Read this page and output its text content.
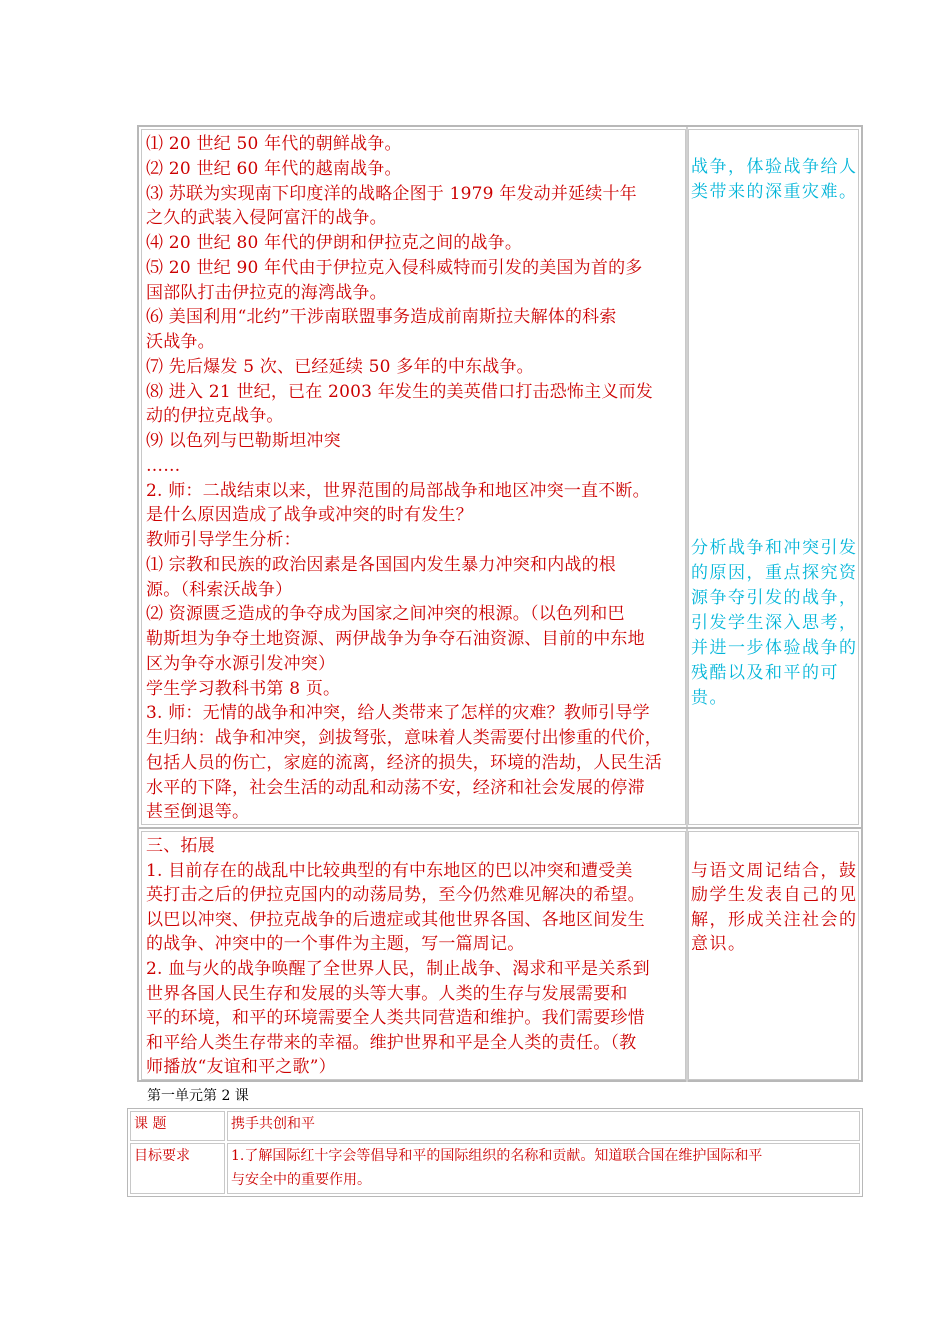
⑴ 20 世纪 50 年代的朝鲜战争。
⑵ 20 世纪 60 年代的越南战争。
⑶ 苏联为实现南下印度洋的战略企图于 1979 年发动并延续十年
之久的武装入侵阿富汗的战争。
⑷ 20 世纪 80 年代的伊朗和伊拉克之间的战争。
⑸ 20 世纪 90 年代由于伊拉克入侵科威特而引发的美国为首的多
国部队打击伊拉克的海湾战争。
⑹ 美国利用“北约”干涉南联盟事务造成前南斯拉夫解体的科索
沃战争。
⑺ 先后爆发 5 次、已经延续 50 多年的中东战争。
⑻ 进入 21 世纪，已在 2003 年发生的美英借口打击恐怖主义而发
动的伊拉克战争。
⑼ 以色列与巴勒斯坦冲突
……
2. 师：二战结束以来，世界范围的局部战争和地区冲突一直不断。
是什么原因造成了战争或冲突的时有发生？
教师引导学生分析：
⑴ 宗教和民族的政治因素是各国国内发生暴力冲突和内战的根
源。（科索沃战争）
⑵ 资源匮乏造成的争夺成为国家之间冲突的根源。（以色列和巴
勒斯坦为争夺土地资源、两伊战争为争夺石油资源、目前的中东地
区为争夺水源引发冲突）
学生学习教科书第 8 页。
3. 师：无情的战争和冲突，给人类带来了怎样的灾难？教师引导学
生归纳：战争和冲突，剑拔弩张，意味着人类需要付出惨重的代价，
包括人员的伤亡，家庭的流离，经济的损失，环境的浩劫，人民生活
水平的下降，社会生活的动乱和动荡不安，经济和社会发展的停滞
甚至倒退等。
战争，体验战争给人
类带来的深重灾难。
分析战争和冲突引发
的原因，重点探究资
源争夺引发的战争，
引发学生深入思考，
并进一步体验战争的
残酷以及和平的可
贵。
三、拓展
1. 目前存在的战乱中比较典型的有中东地区的巴以冲突和遭受美
英打击之后的伊拉克国内的动荡局势，至今仍然难见解决的希望。
以巴以冲突、伊拉克战争的后遗症或其他世界各国、各地区间发生
的战争、冲突中的一个事件为主题，写一篇周记。
2. 血与火的战争唤醒了全世界人民，制止战争、渴求和平是关系到
世界各国人民生存和发展的头等大事。人类的生存与发展需要和
平的环境，和平的环境需要全人类共同营造和维护。我们需要珍惜
和平给人类生存带来的幸福。维护世界和平是全人类的责任。（教
师播放“友谊和平之歌”）
与语文周记结合，鼓
励学生发表自己的见
解，形成关注社会的
意识。
第一单元第 2 课
课 题	携手共创和平
目标要求	1.了解国际红十字会等倡导和平的国际组织的名称和贡献。知道联合国在维护国际和平
与安全中的重要作用。
